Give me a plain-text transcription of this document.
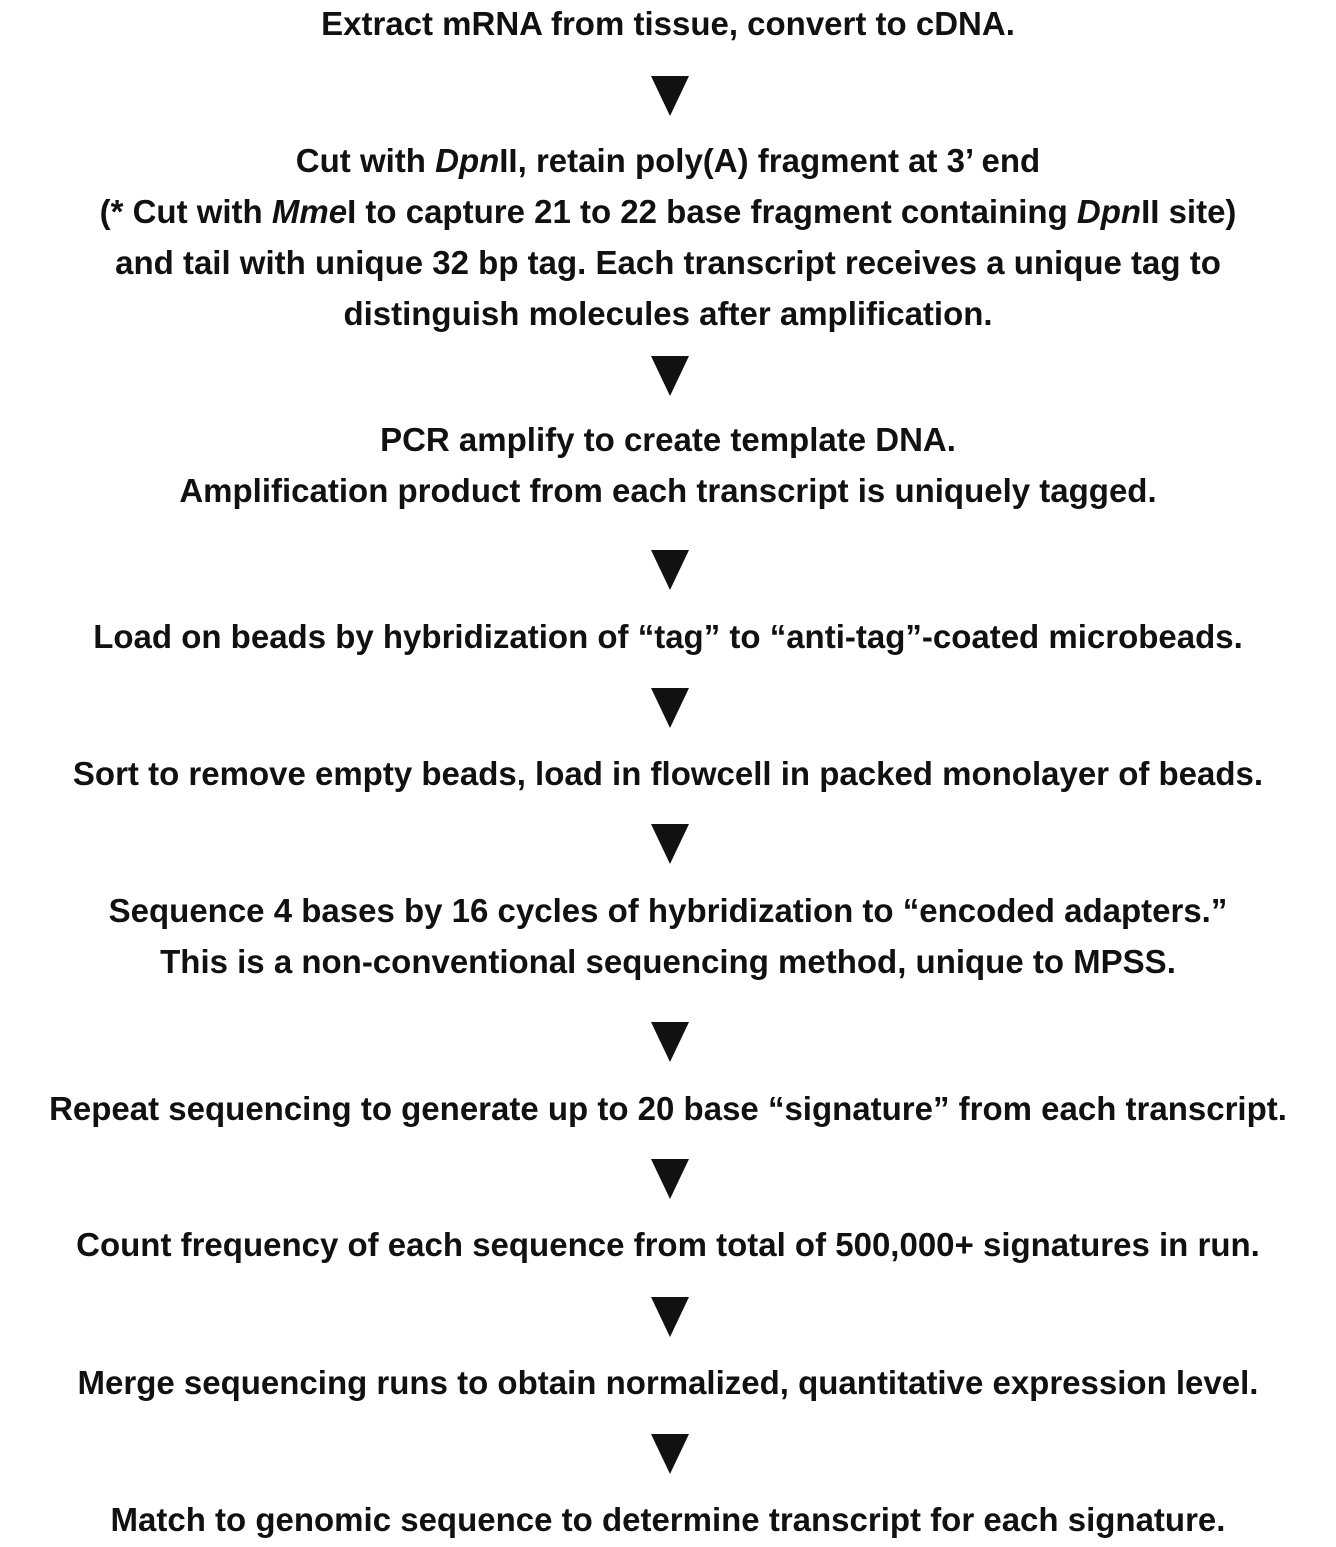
Extract mRNA from tissue, convert to cDNA.
Cut with DpnII, retain poly(A) fragment at 3’ end
(* Cut with MmeI to capture 21 to 22 base fragment containing DpnII site)
and tail with unique 32 bp tag. Each transcript receives a unique tag to
distinguish molecules after amplification.
PCR amplify to create template DNA.
Amplification product from each transcript is uniquely tagged.
Load on beads by hybridization of “tag” to “anti-tag”-coated microbeads.
Sort to remove empty beads, load in flowcell in packed monolayer of beads.
Sequence 4 bases by 16 cycles of hybridization to “encoded adapters.”
This is a non-conventional sequencing method, unique to MPSS.
Repeat sequencing to generate up to 20 base “signature” from each transcript.
Count frequency of each sequence from total of 500,000+ signatures in run.
Merge sequencing runs to obtain normalized, quantitative expression level.
Match to genomic sequence to determine transcript for each signature.
